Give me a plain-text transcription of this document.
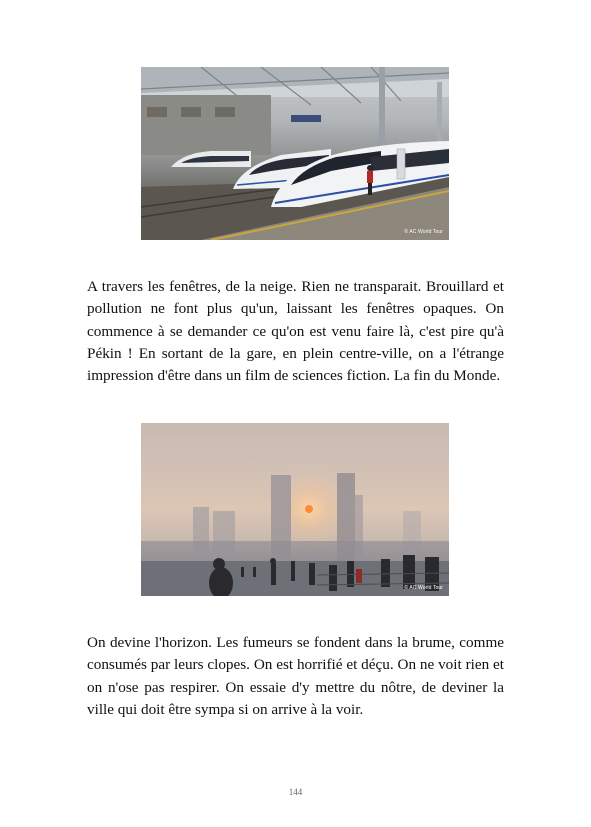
© AC World Tour

A travers les fenêtres, de la neige. Rien ne transparait. Brouillard et pollution ne font plus qu'un, laissant les fenêtres opaques. On commence à se demander ce qu'on est venu faire là, c'est pire qu'à Pékin ! En sortant de la gare, en plein centre-ville, on a l'étrange impression d'être dans un film de sciences fiction. La fin du Monde.

© AC World Tour

On devine l'horizon. Les fumeurs se fondent dans la brume, comme consumés par leurs clopes. On est horrifié et déçu. On ne voit rien et on n'ose pas respirer. On essaie d'y mettre du nôtre, de deviner la ville qui doit être sympa si on arrive à la voir.

144
